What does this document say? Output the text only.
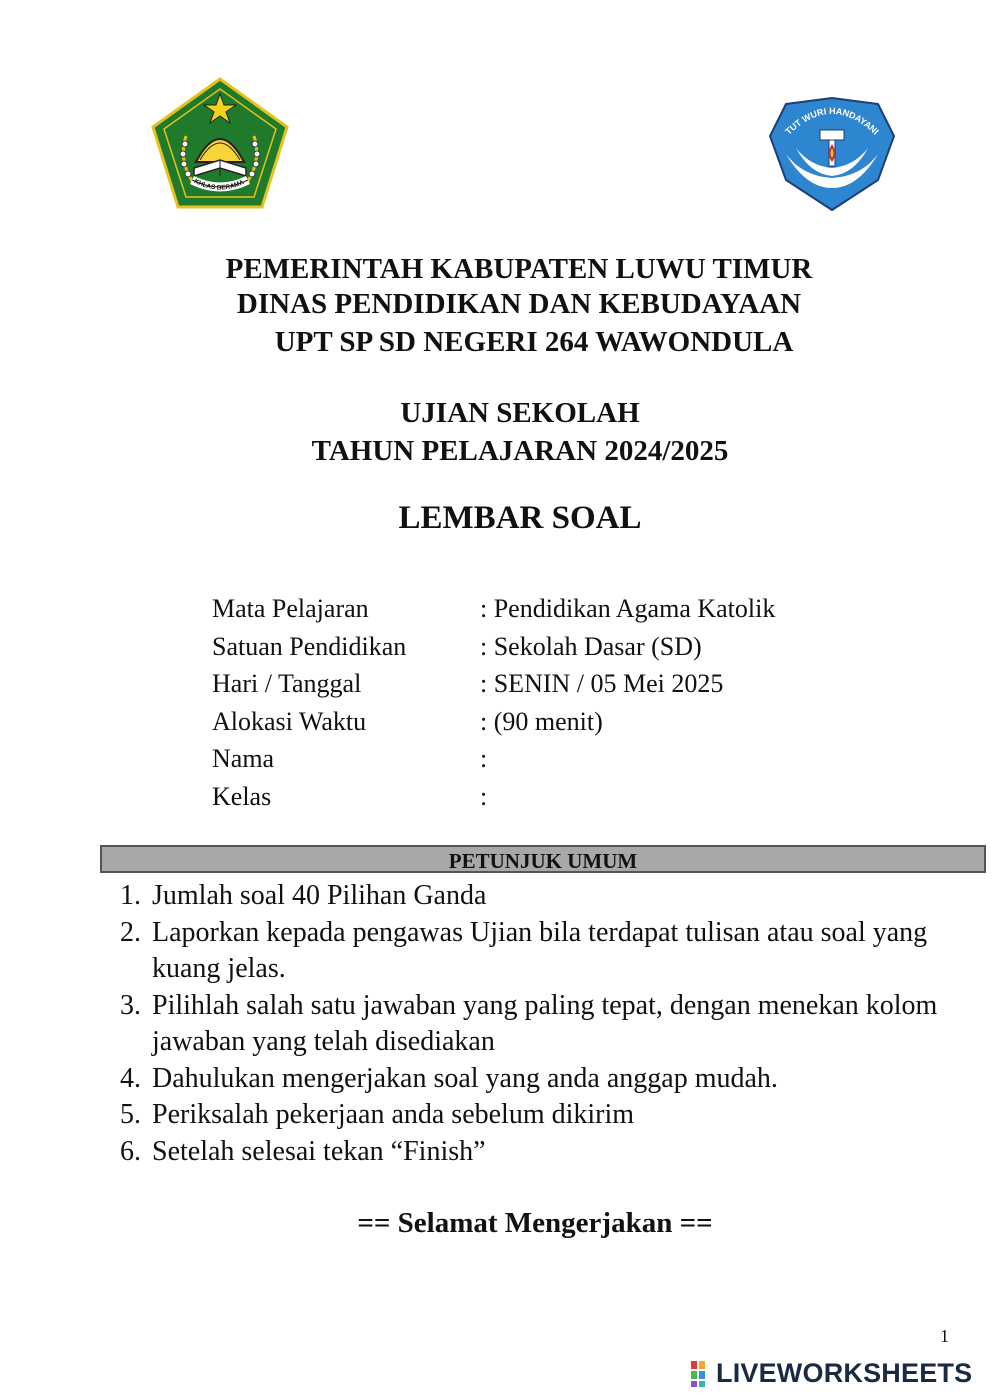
KHLAS BERAMA
TUT WURI HANDAYANI
PEMERINTAH KABUPATEN LUWU TIMUR
DINAS PENDIDIKAN DAN KEBUDAYAAN
UPT SP SD NEGERI 264 WAWONDULA
UJIAN SEKOLAH
TAHUN PELAJARAN 2024/2025
LEMBAR SOAL
Mata Pelajaran	: Pendidikan Agama Katolik
Satuan Pendidikan	: Sekolah Dasar (SD)
Hari / Tanggal	: SENIN / 05 Mei 2025
Alokasi Waktu	: (90 menit)
Nama	:
Kelas	:
PETUNJUK UMUM
1. Jumlah soal 40 Pilihan Ganda
2. Laporkan kepada pengawas Ujian bila terdapat tulisan atau soal yang kuang jelas.
3. Pilihlah salah satu jawaban yang paling tepat, dengan menekan kolom jawaban yang telah disediakan
4. Dahulukan mengerjakan soal yang anda anggap mudah.
5. Periksalah pekerjaan anda sebelum dikirim
6. Setelah selesai tekan “Finish”
== Selamat Mengerjakan ==
1
LIVEWORKSHEETS
